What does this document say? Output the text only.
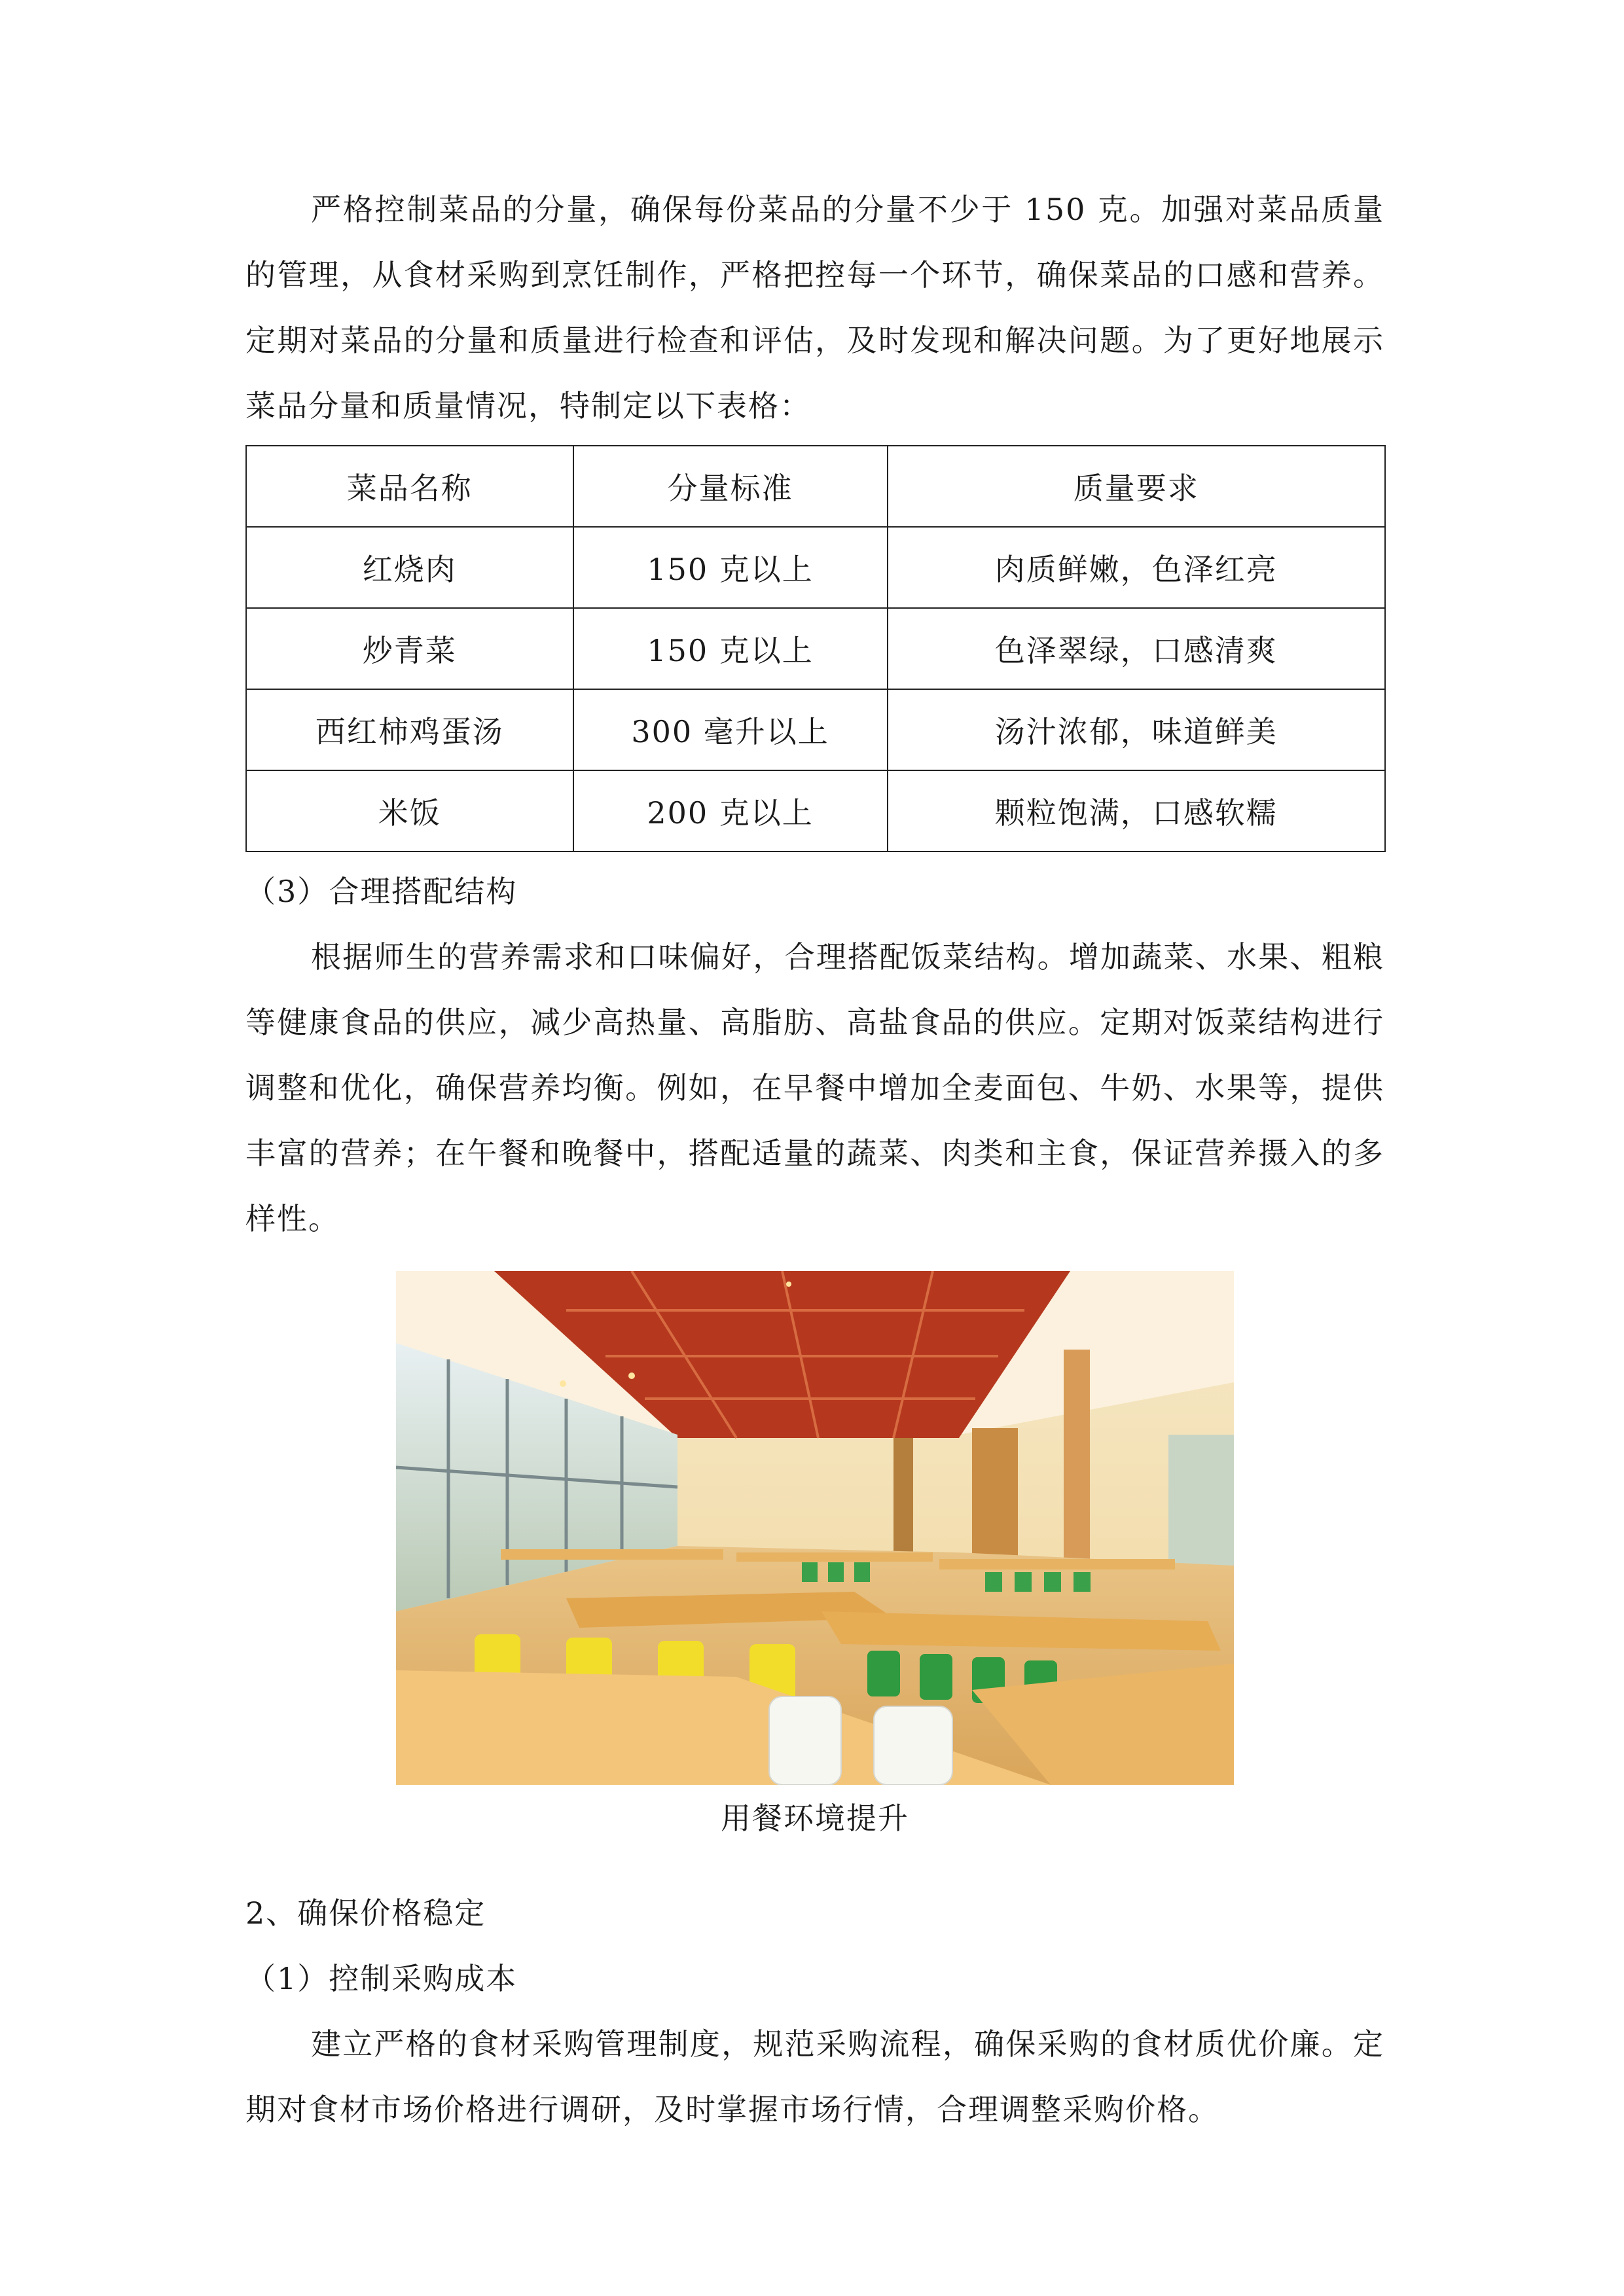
严格控制菜品的分量，确保每份菜品的分量不少于 150 克。加强对菜品质量的管理，从食材采购到烹饪制作，严格把控每一个环节，确保菜品的口感和营养。定期对菜品的分量和质量进行检查和评估，及时发现和解决问题。为了更好地展示菜品分量和质量情况，特制定以下表格：

菜品名称	分量标准	质量要求
红烧肉	150 克以上	肉质鲜嫩，色泽红亮
炒青菜	150 克以上	色泽翠绿，口感清爽
西红柿鸡蛋汤	300 毫升以上	汤汁浓郁，味道鲜美
米饭	200 克以上	颗粒饱满，口感软糯

（3）合理搭配结构

根据师生的营养需求和口味偏好，合理搭配饭菜结构。增加蔬菜、水果、粗粮等健康食品的供应，减少高热量、高脂肪、高盐食品的供应。定期对饭菜结构进行调整和优化，确保营养均衡。例如，在早餐中增加全麦面包、牛奶、水果等，提供丰富的营养；在午餐和晚餐中，搭配适量的蔬菜、肉类和主食，保证营养摄入的多样性。

用餐环境提升

2、确保价格稳定

（1）控制采购成本

建立严格的食材采购管理制度，规范采购流程，确保采购的食材质优价廉。定期对食材市场价格进行调研，及时掌握市场行情，合理调整采购价格。
